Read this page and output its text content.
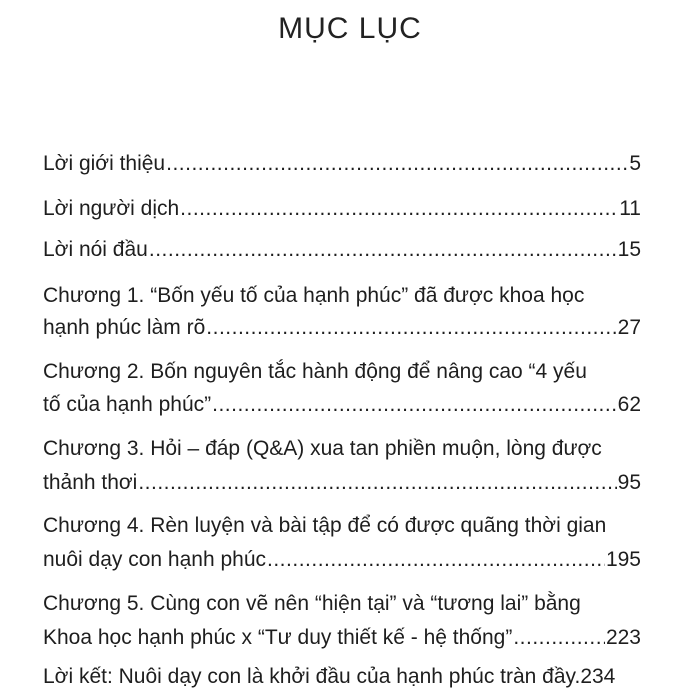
MỤC LỤC
Lời giới thiệu .....	5
Lời người dịch .....	11
Lời nói đầu .....	15
Chương 1. “Bốn yếu tố của hạnh phúc” đã được khoa học
hạnh phúc làm rõ .....	27
Chương 2. Bốn nguyên tắc hành động để nâng cao “4 yếu
tố của hạnh phúc” .....	62
Chương 3. Hỏi – đáp (Q&A) xua tan phiền muộn, lòng được
thảnh thơi .....	95
Chương 4. Rèn luyện và bài tập để có được quãng thời gian
nuôi dạy con hạnh phúc .....	195
Chương 5. Cùng con vẽ nên “hiện tại” và “tương lai” bằng
Khoa học hạnh phúc x “Tư duy thiết kế - hệ thống” .....	223
Lời kết: Nuôi dạy con là khởi đầu của hạnh phúc tràn đầy. 234
